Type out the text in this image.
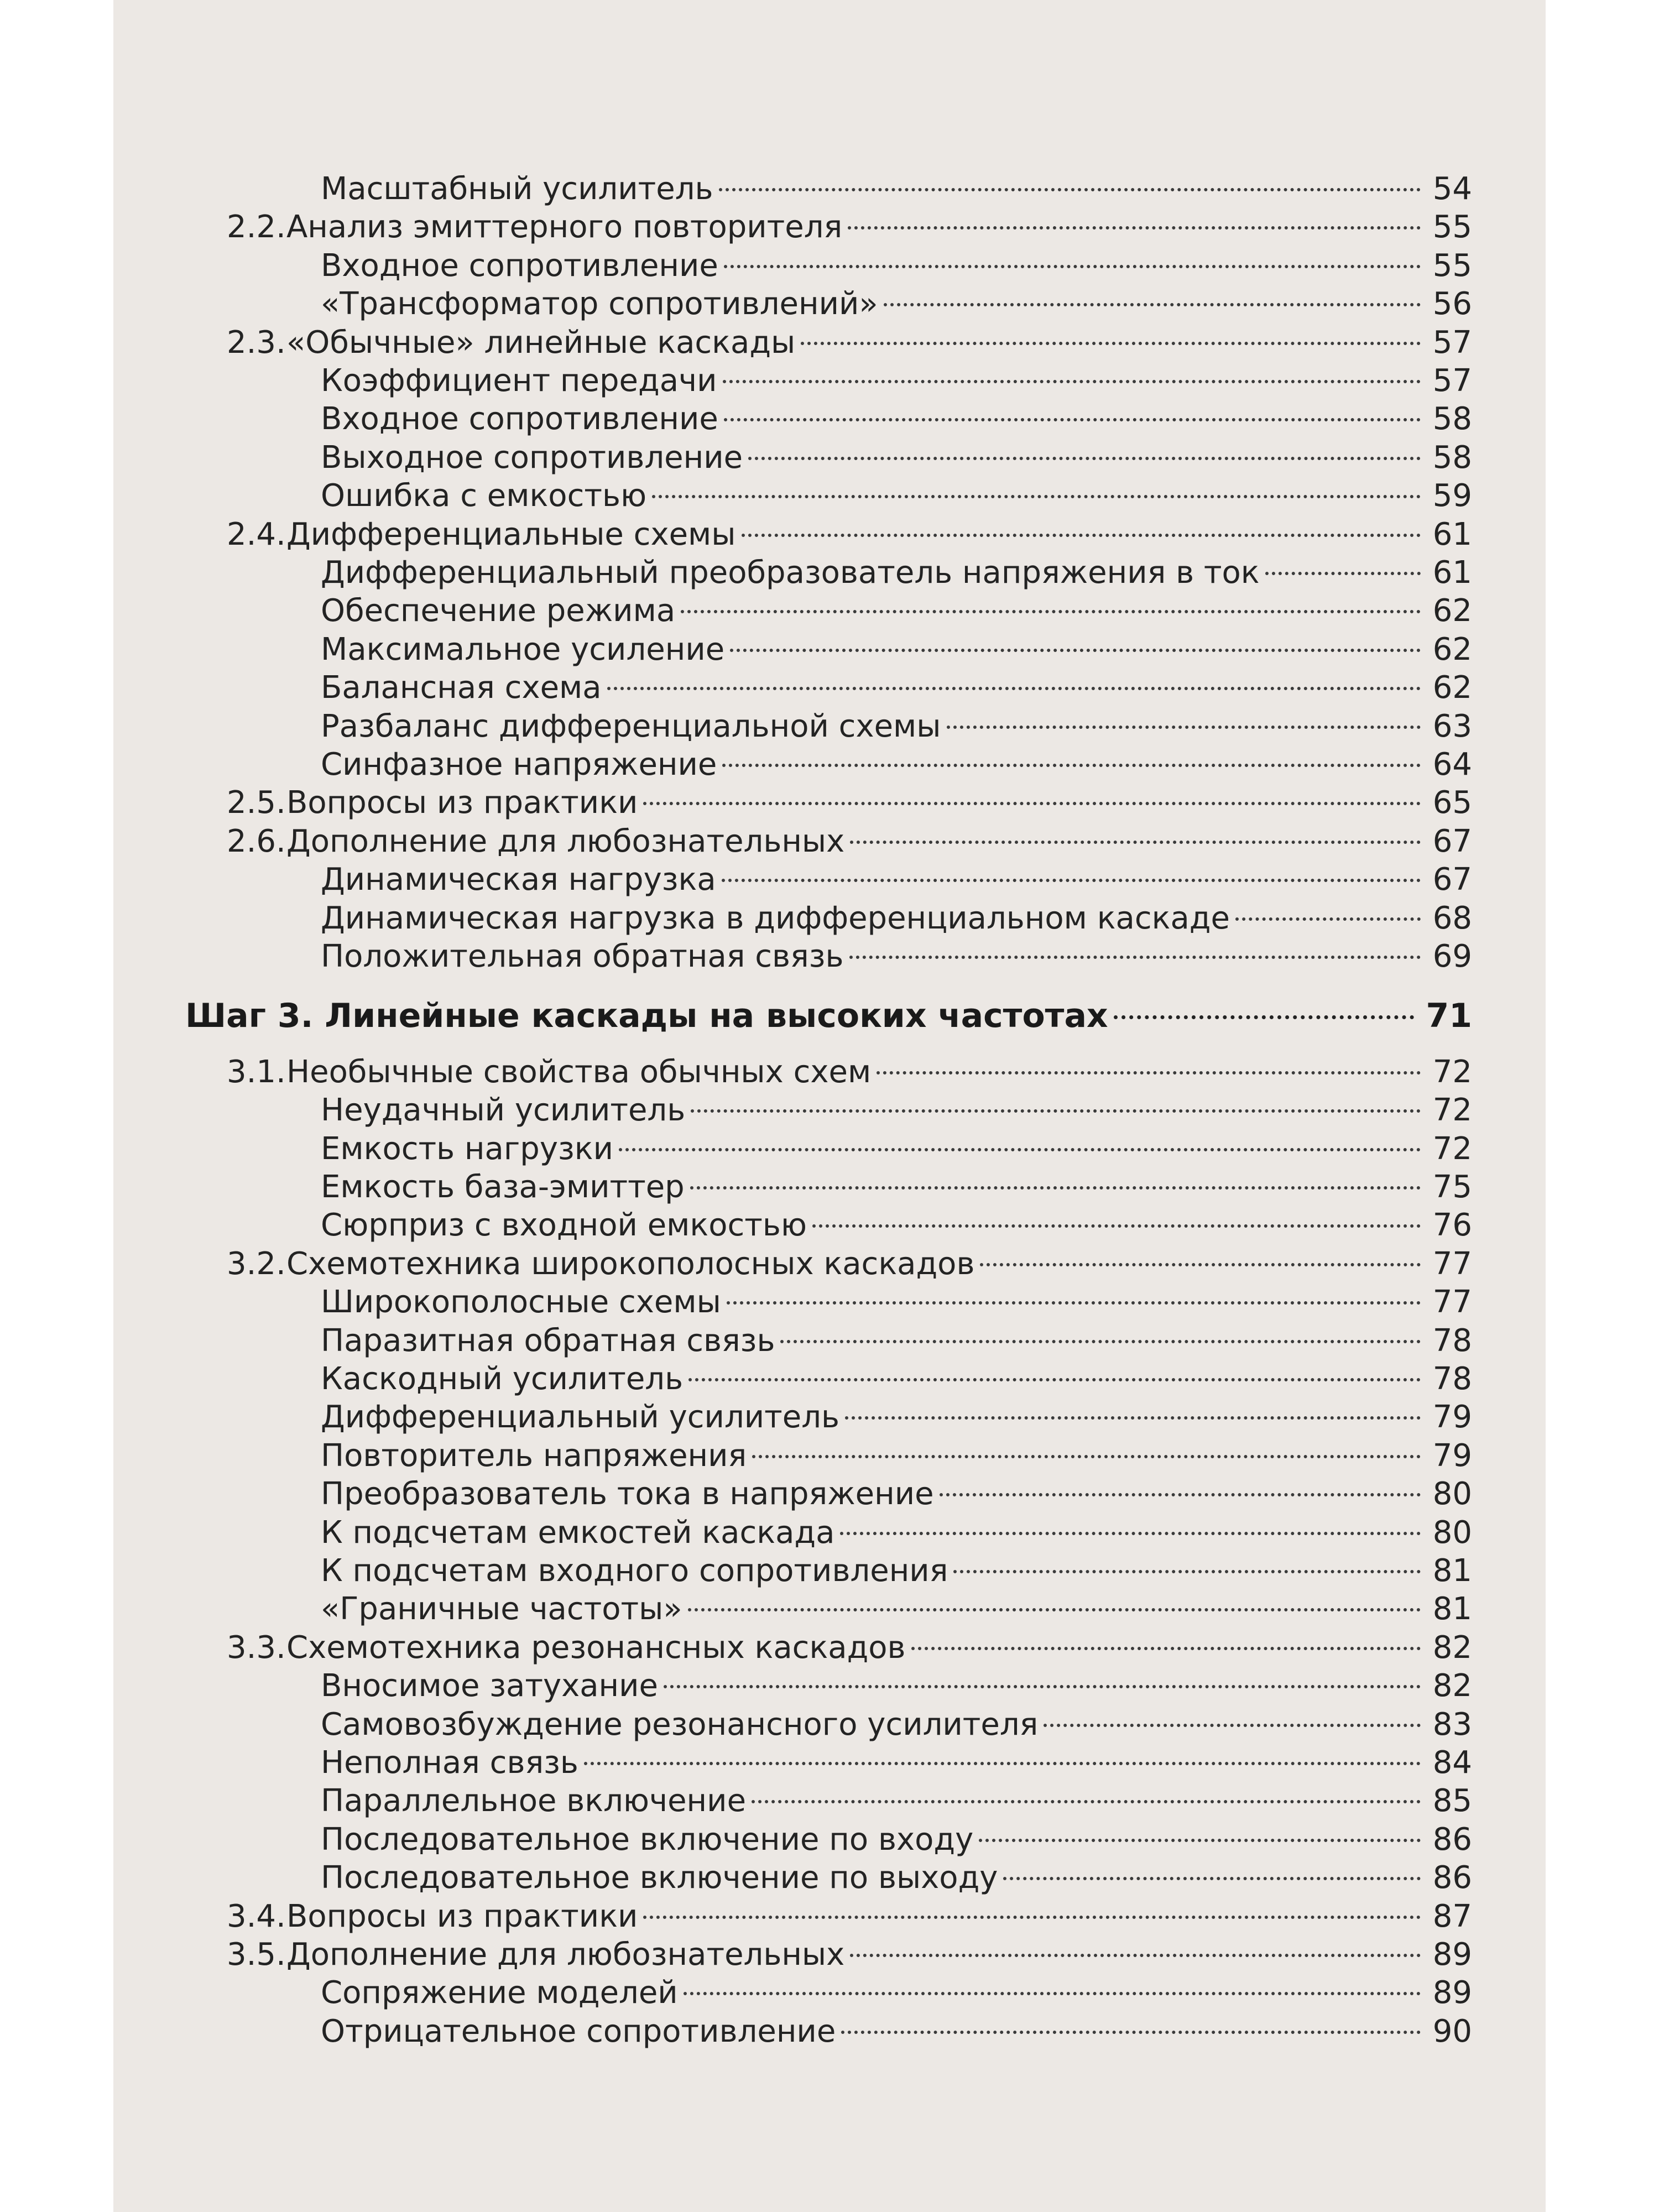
Масштабный усилитель	54
2.2. Анализ эмиттерного повторителя	55
Входное сопротивление	55
«Трансформатор сопротивлений»	56
2.3. «Обычные» линейные каскады	57
Коэффициент передачи	57
Входное сопротивление	58
Выходное сопротивление	58
Ошибка с емкостью	59
2.4. Дифференциальные схемы	61
Дифференциальный преобразователь напряжения в ток	61
Обеспечение режима	62
Максимальное усиление	62
Балансная схема	62
Разбаланс дифференциальной схемы	63
Синфазное напряжение	64
2.5. Вопросы из практики	65
2.6. Дополнение для любознательных	67
Динамическая нагрузка	67
Динамическая нагрузка в дифференциальном каскаде	68
Положительная обратная связь	69
Шаг 3. Линейные каскады на высоких частотах	71
3.1. Необычные свойства обычных схем	72
Неудачный усилитель	72
Емкость нагрузки	72
Емкость база-эмиттер	75
Сюрприз с входной емкостью	76
3.2. Схемотехника широкополосных каскадов	77
Широкополосные схемы	77
Паразитная обратная связь	78
Каскодный усилитель	78
Дифференциальный усилитель	79
Повторитель напряжения	79
Преобразователь тока в напряжение	80
К подсчетам емкостей каскада	80
К подсчетам входного сопротивления	81
«Граничные частоты»	81
3.3. Схемотехника резонансных каскадов	82
Вносимое затухание	82
Самовозбуждение резонансного усилителя	83
Неполная связь	84
Параллельное включение	85
Последовательное включение по входу	86
Последовательное включение по выходу	86
3.4. Вопросы из практики	87
3.5. Дополнение для любознательных	89
Сопряжение моделей	89
Отрицательное сопротивление	90
